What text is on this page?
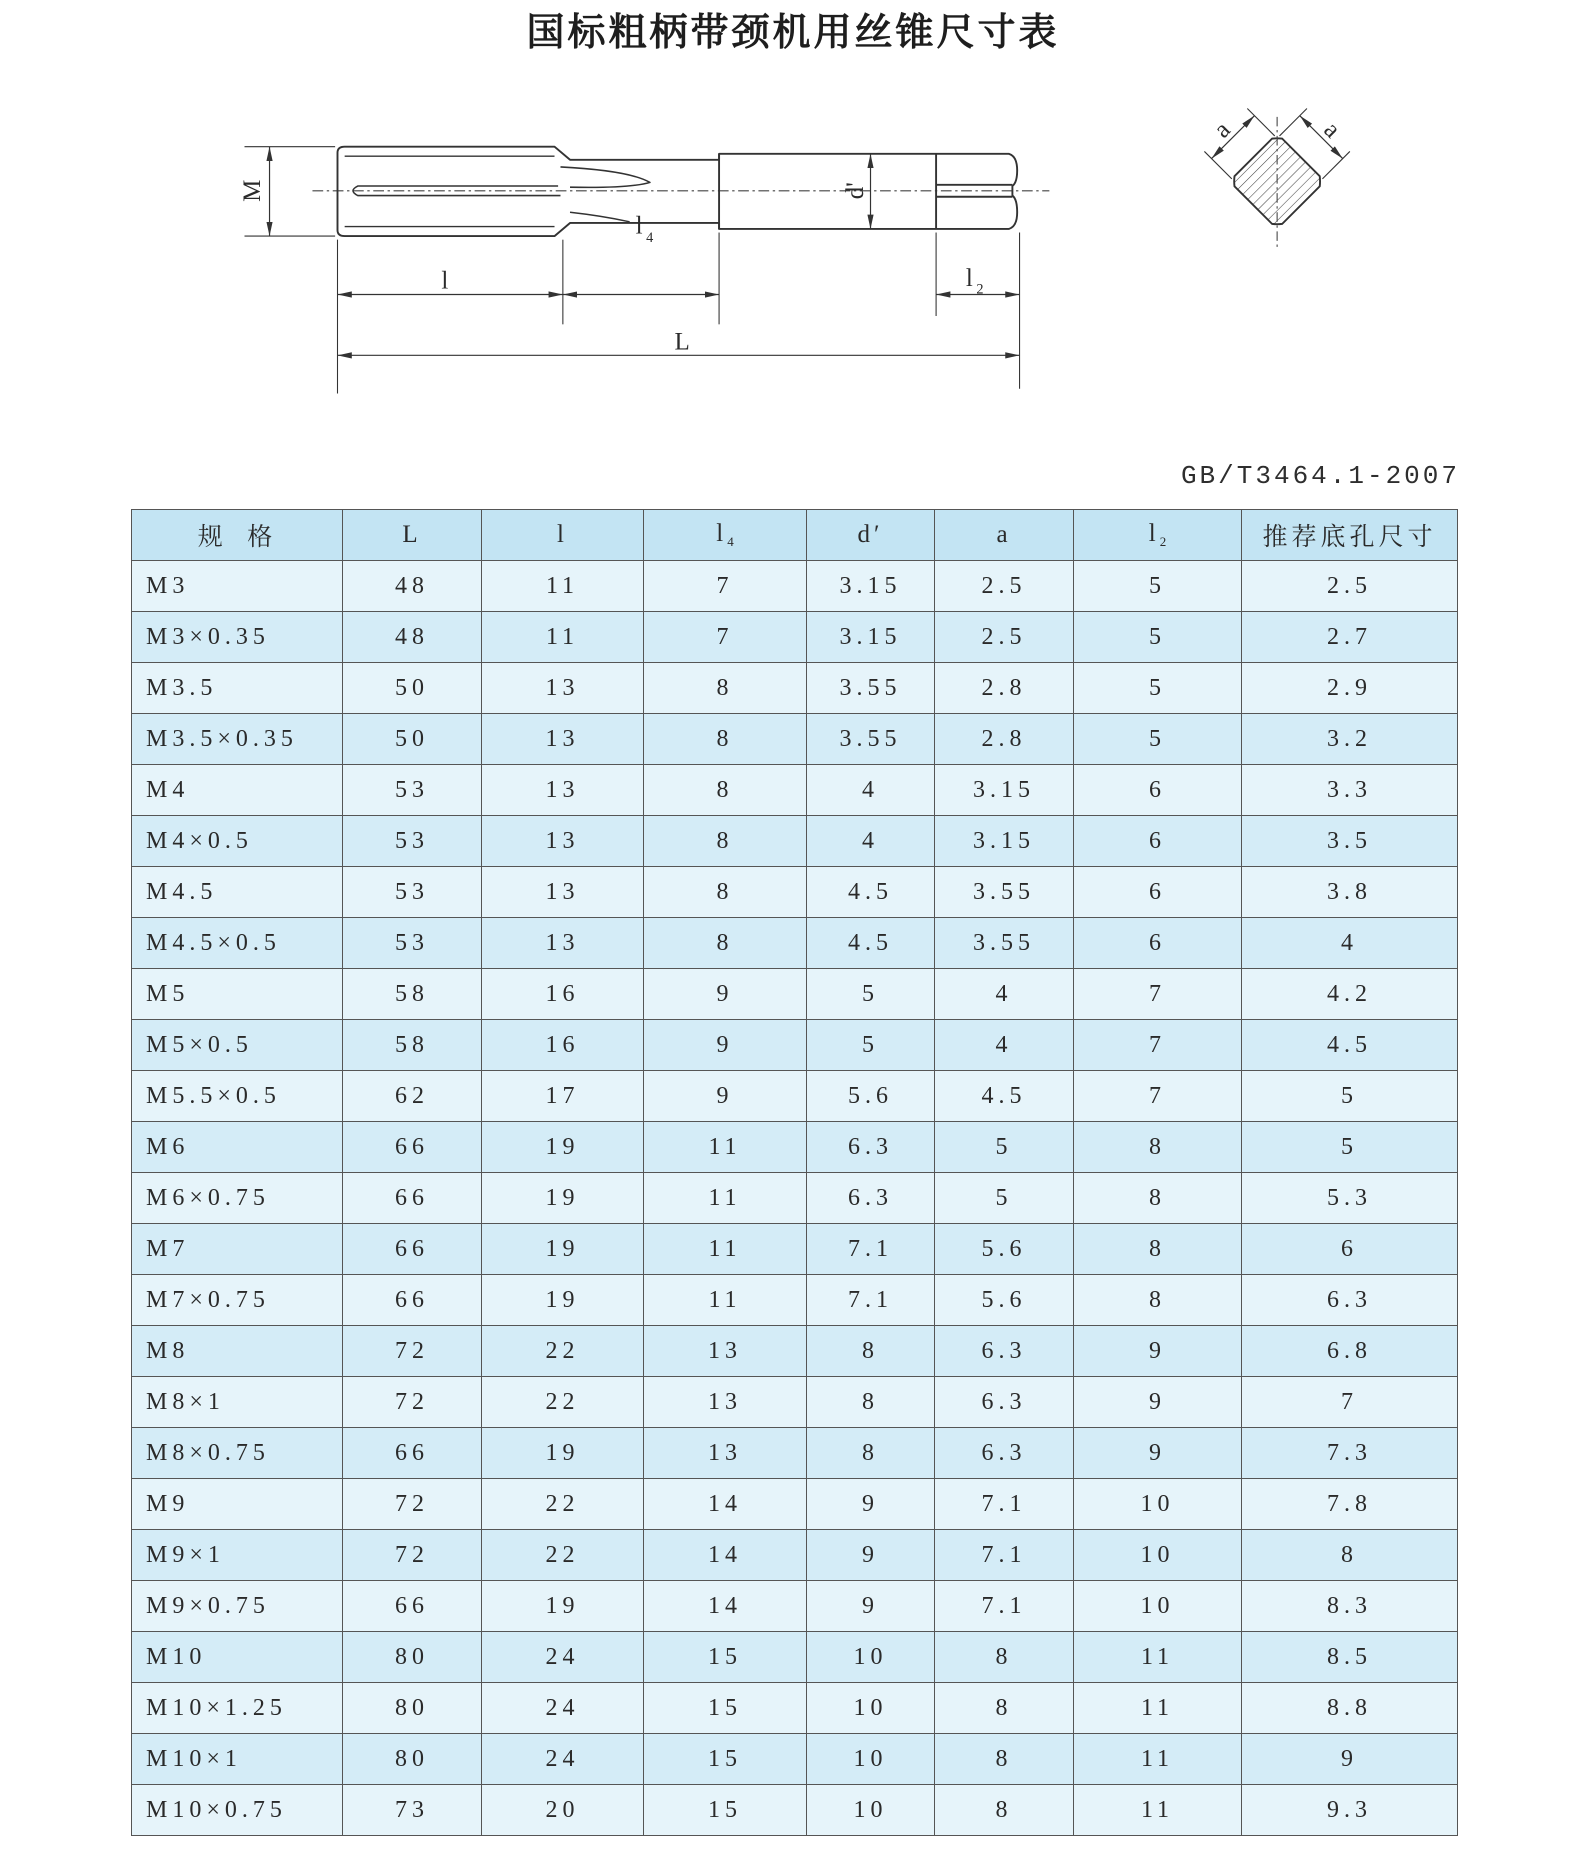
国标粗柄带颈机用丝锥尺寸表
M	d'
l $_4$
l
L
l $_2$
a	a
GB/T3464.1-2007
规  格	L	l	$l_4$	d′	a	$l_2$	推荐底孔尺寸
M3	48	11	7	3.15	2.5	5	2.5
M3×0.35	48	11	7	3.15	2.5	5	2.7
M3.5	50	13	8	3.55	2.8	5	2.9
M3.5×0.35	50	13	8	3.55	2.8	5	3.2
M4	53	13	8	4	3.15	6	3.3
M4×0.5	53	13	8	4	3.15	6	3.5
M4.5	53	13	8	4.5	3.55	6	3.8
M4.5×0.5	53	13	8	4.5	3.55	6	4
M5	58	16	9	5	4	7	4.2
M5×0.5	58	16	9	5	4	7	4.5
M5.5×0.5	62	17	9	5.6	4.5	7	5
M6	66	19	11	6.3	5	8	5
M6×0.75	66	19	11	6.3	5	8	5.3
M7	66	19	11	7.1	5.6	8	6
M7×0.75	66	19	11	7.1	5.6	8	6.3
M8	72	22	13	8	6.3	9	6.8
M8×1	72	22	13	8	6.3	9	7
M8×0.75	66	19	13	8	6.3	9	7.3
M9	72	22	14	9	7.1	10	7.8
M9×1	72	22	14	9	7.1	10	8
M9×0.75	66	19	14	9	7.1	10	8.3
M10	80	24	15	10	8	11	8.5
M10×1.25	80	24	15	10	8	11	8.8
M10×1	80	24	15	10	8	11	9
M10×0.75	73	20	15	10	8	11	9.3
